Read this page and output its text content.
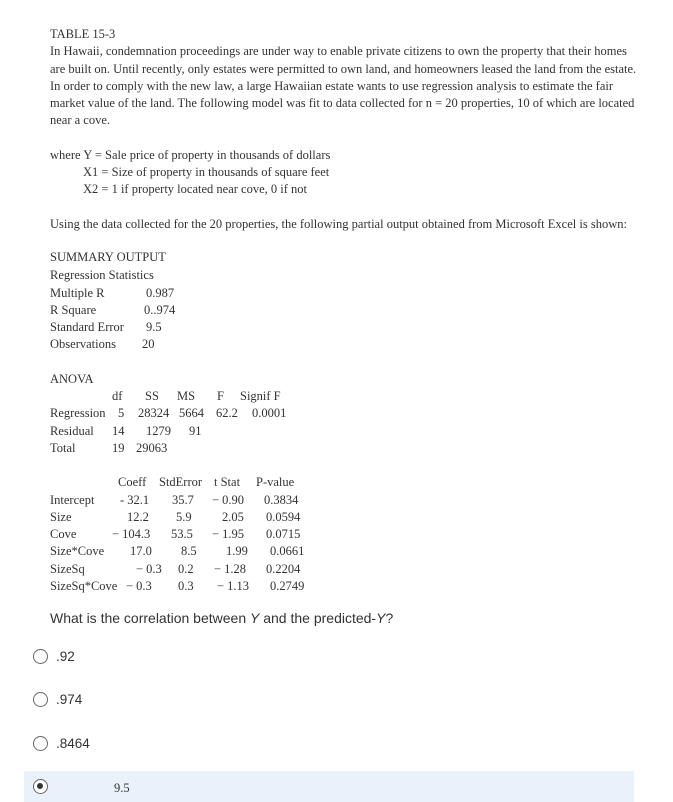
TABLE 15-3

In Hawaii, condemnation proceedings are under way to enable private citizens to own the property that their homes are built on. Until recently, only estates were permitted to own land, and homeowners leased the land from the estate. In order to comply with the new law, a large Hawaiian estate wants to use regression analysis to estimate the fair market value of the land. The following model was fit to data collected for n = 20 properties, 10 of which are located near a cove.

where Y = Sale price of property in thousands of dollars
X1 = Size of property in thousands of square feet
X2 = 1 if property located near cove, 0 if not
Using the data collected for the 20 properties, the following partial output obtained from Microsoft Excel is shown:
SUMMARY OUTPUT
Regression Statistics
Multiple R	0.987
R Square	0..974
Standard Error 9.5
Observations 20
ANOVA
df SS MS F Signif F
Regression 5 28324 5664 62.2 0.0001
Residual 14 1279 91
Total	19 29063
Coeff StdError t Stat P-value
Intercept - 32.1 35.7 − 0.90 0.3834
Size	12.2 5.9 2.05 0.0594
Cove	− 104.3 53.5 − 1.95 0.0715
Size*Cove 17.0 8.5 1.99 0.0661
SizeSq	− 0.3 0.2 − 1.28 0.2204
SizeSq*Cove − 0.3 0.3 − 1.13 0.2749
What is the correlation between Y and the predicted-Y?
.92
.974
.8464
9.5
